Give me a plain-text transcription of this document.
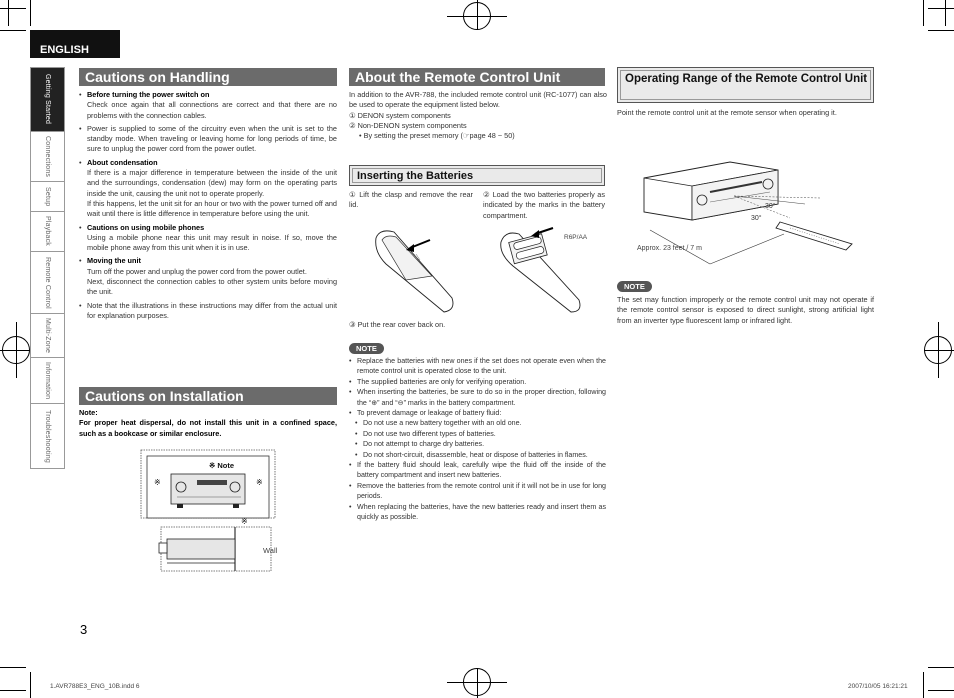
ENGLISH
Getting Started
Connections
Setup
Playback
Remote Control
Multi-Zone
Information
Troubleshooting
Cautions on Handling
• Before turning the power switch on
Check once again that all connections are correct and that there are no problems with the connection cables.
• Power is supplied to some of the circuitry even when the unit is set to the standby mode. When traveling or leaving home for long periods of time, be sure to unplug the power cord from the power outlet.
• About condensation
If there is a major difference in temperature between the inside of the unit and the surroundings, condensation (dew) may form on the operating parts inside the unit, causing the unit not to operate properly.
If this happens, let the unit sit for an hour or two with the power turned off and wait until there is little difference in temperature before using the unit.
• Cautions on using mobile phones
Using a mobile phone near this unit may result in noise. If so, move the mobile phone away from this unit when it is in use.
• Moving the unit
Turn off the power and unplug the power cord from the power outlet.
Next, disconnect the connection cables to other system units before moving the unit.
• Note that the illustrations in these instructions may differ from the actual unit for explanation purposes.
Cautions on Installation
Note:
For proper heat dispersal, do not install this unit in a confined space, such as a bookcase or similar enclosure.
※ Note
※	※
※
Wall
About the Remote Control Unit
In addition to the AVR-788, the included remote control unit (RC-1077) can also be used to operate the equipment listed below.
① DENON system components
② Non-DENON system components
• By setting the preset memory (☞page 48 ~ 50)
Inserting the Batteries
① Lift the clasp and remove the rear lid.
② Load the two batteries properly as indicated by the marks in the battery compartment.
R6P/AA
③ Put the rear cover back on.
NOTE
• Replace the batteries with new ones if the set does not operate even when the remote control unit is operated close to the unit.
• The supplied batteries are only for verifying operation.
• When inserting the batteries, be sure to do so in the proper direction, following the “⊕” and “⊖” marks in the battery compartment.
• To prevent damage or leakage of battery fluid:
• Do not use a new battery together with an old one.
• Do not use two different types of batteries.
• Do not attempt to charge dry batteries.
• Do not short-circuit, disassemble, heat or dispose of batteries in flames.
• If the battery fluid should leak, carefully wipe the fluid off the inside of the battery compartment and insert new batteries.
• Remove the batteries from the remote control unit if it will not be in use for long periods.
• When replacing the batteries, have the new batteries ready and insert them as quickly as possible.
Operating Range of the Remote Control Unit
Point the remote control unit at the remote sensor when operating it.
30°
30°
Approx. 23 feet / 7 m
NOTE
The set may function improperly or the remote control unit may not operate if the remote control sensor is exposed to direct sunlight, strong artificial light from an inverter type fluorescent lamp or infrared light.
3
1.AVR788E3_ENG_10B.indd 6	2007/10/05 16:21:21
